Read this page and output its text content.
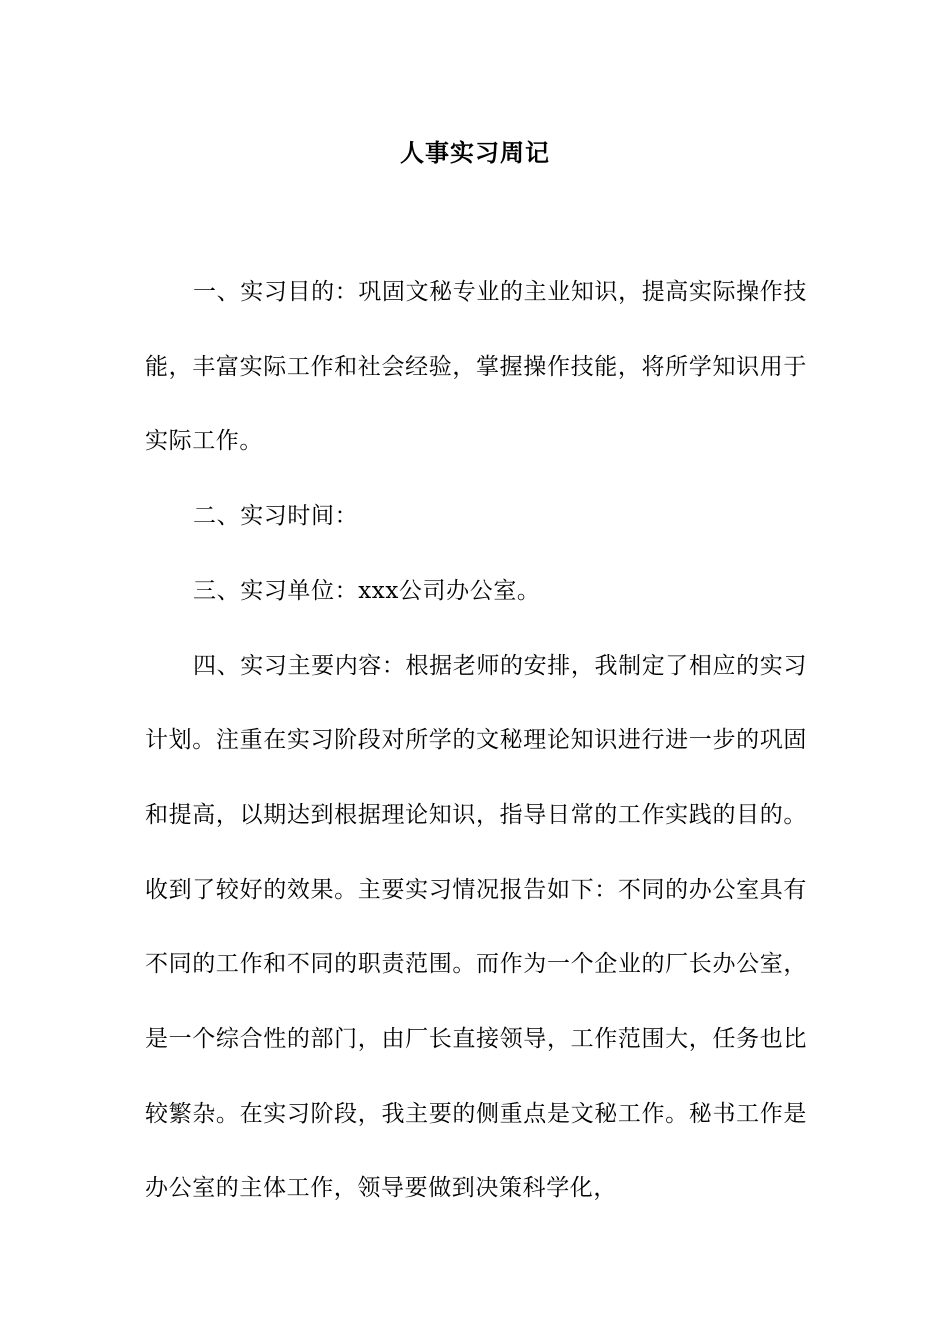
人事实习周记

一、实习目的：巩固文秘专业的主业知识，提高实际操作技能，丰富实际工作和社会经验，掌握操作技能，将所学知识用于实际工作。

二、实习时间：

三、实习单位：xxx公司办公室。

四、实习主要内容：根据老师的安排，我制定了相应的实习计划。注重在实习阶段对所学的文秘理论知识进行进一步的巩固和提高，以期达到根据理论知识，指导日常的工作实践的目的。收到了较好的效果。主要实习情况报告如下：不同的办公室具有不同的工作和不同的职责范围。而作为一个企业的厂长办公室，是一个综合性的部门，由厂长直接领导，工作范围大，任务也比较繁杂。在实习阶段，我主要的侧重点是文秘工作。秘书工作是办公室的主体工作，领导要做到决策科学化，
